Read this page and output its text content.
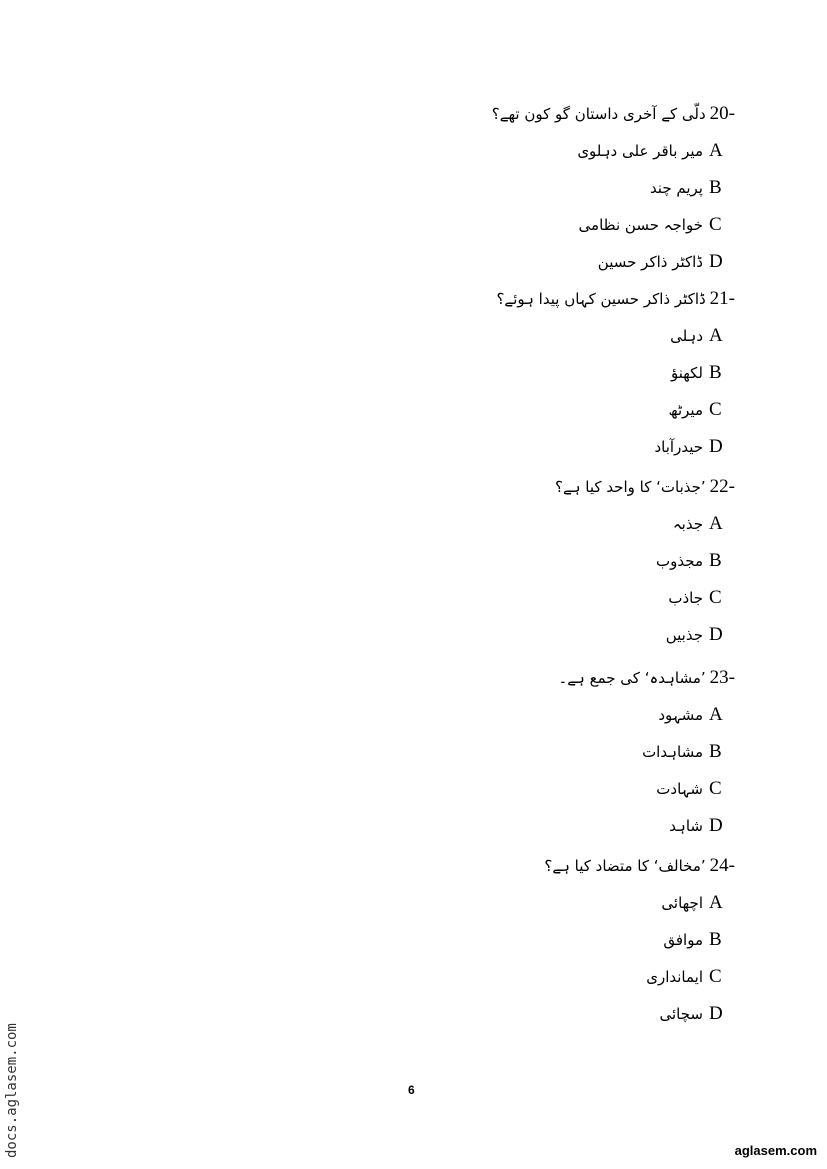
20-
دلّی کے آخری داستان گو کون تھے؟
A
میر باقر علی دہلوی
B
پریم چند
C
خواجہ حسن نظامی
D
ڈاکٹر ذاکر حسین
21-
ڈاکٹر ذاکر حسین کہاں پیدا ہوئے؟
A
دہلی
B
لکھنؤ
C
میرٹھ
D
حیدرآباد
22-
’جذبات‘ کا واحد کیا ہے؟
A
جذبہ
B
مجذوب
C
جاذب
D
جذبیں
23-
’مشاہدہ‘ کی جمع ہے۔
A
مشہود
B
مشاہدات
C
شہادت
D
شاہد
24-
’مخالف‘ کا متضاد کیا ہے؟
A
اچھائی
B
موافق
C
ایمانداری
D
سچائی
6
docs.aglasem.com	aglasem.com
